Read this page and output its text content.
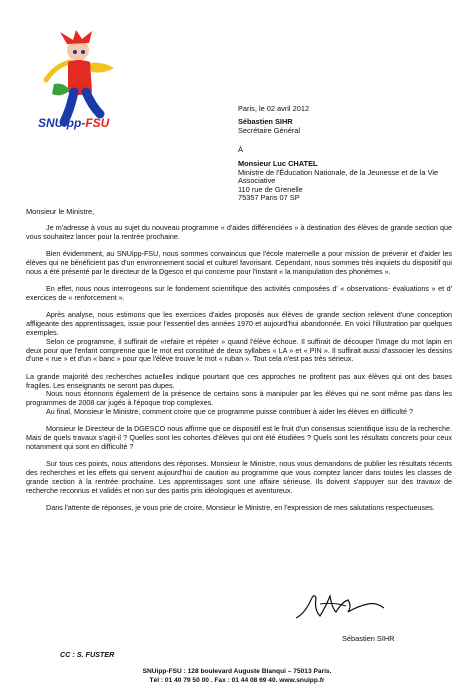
SNUipp-FSU
Paris, le 02 avril 2012
Sébastien SIHR
Secrétaire Général
À
Monsieur Luc CHATEL
Ministre de l'Éducation Nationale, de la Jeunesse et de la Vie Associative
110 rue de Grenelle
75357 Paris 07 SP
Monsieur le Ministre,

Je m'adresse à vous au sujet du nouveau programme « d'aides différenciées » à destination des élèves de grande section que vous souhaitez lancer pour la rentrée prochaine.

Bien évidemment, au SNUipp-FSU, nous sommes convaincus que l'école maternelle a pour mission de prévenir et d'aider les élèves qui ne bénéficient pas d'un environnement social et culturel favorisant. Cependant, nous sommes très inquiets du dispositif qui nous a été présenté par le directeur de la Dgesco et qui concerne pour l'instant « la manipulation des phonèmes ».

En effet, nous nous interrogeons sur le fondement scientifique des activités composées d' « observations- évaluations » et d' exercices de « renforcement ».

Après analyse, nous estimons que les exercices d'aides proposés aux élèves de grande section relèvent d'une conception affligeante des apprentissages, issue pour l'essentiel des années 1970 et aujourd'hui abandonnée. En voici l'illustration par quelques exemples.

Selon ce programme, il suffirait de «refaire et répéter » quand l'élève échoue. Il suffirait de découper l'image du mot lapin en deux pour que l'enfant comprenne que le mot est constitué de deux syllabes « LA » et « PIN ». Il suffirait aussi d'associer les dessins d'une « rue » et d'un « banc » pour que l'élève trouve le mot « ruban ». Tout cela n'est pas très sérieux.

La grande majorité des recherches actuelles indique pourtant que ces approches ne profitent pas aux élèves qui ont des bases fragiles. Les enseignants ne seront pas dupes.

Nous nous étonnons également de la présence de certains sons à manipuler par les élèves qui ne sont même pas dans les programmes de 2008 car jugés à l'époque trop complexes.

Au final, Monsieur le Ministre, comment croire que ce programme puisse contribuer à aider les élèves en difficulté ?

Monsieur le Directeur de la DGESCO nous affirme que ce dispositif est le fruit d'un consensus scientifique issu de la recherche. Mais de quels travaux s'agit-il ? Quelles sont les cohortes d'élèves qui ont été étudiées ? Quels sont les résultats concrets pour ceux notamment qui sont en difficulté ?

Sur tous ces points, nous attendons des réponses. Monsieur le Ministre, nous vous demandons de publier les résultats récents des recherches et les effets qui servent aujourd'hui de caution au programme que vous comptez lancer dans toutes les classes de grande section à la rentrée prochaine. Les apprentissages sont une affaire sérieuse. Ils doivent s'appuyer sur des travaux de recherche reconnus et validés et non sur des partis pris idéologiques et aventureux.

Dans l'attente de réponses, je vous prie de croire, Monsieur le Ministre, en l'expression de mes salutations respectueuses.

Sébastien SIHR
CC : S. FUSTER
SNUipp-FSU : 128 boulevard Auguste Blanqui – 75013 Paris.
Tél : 01 40 79 50 00 . Fax : 01 44 08 69 40. www.snuipp.fr
